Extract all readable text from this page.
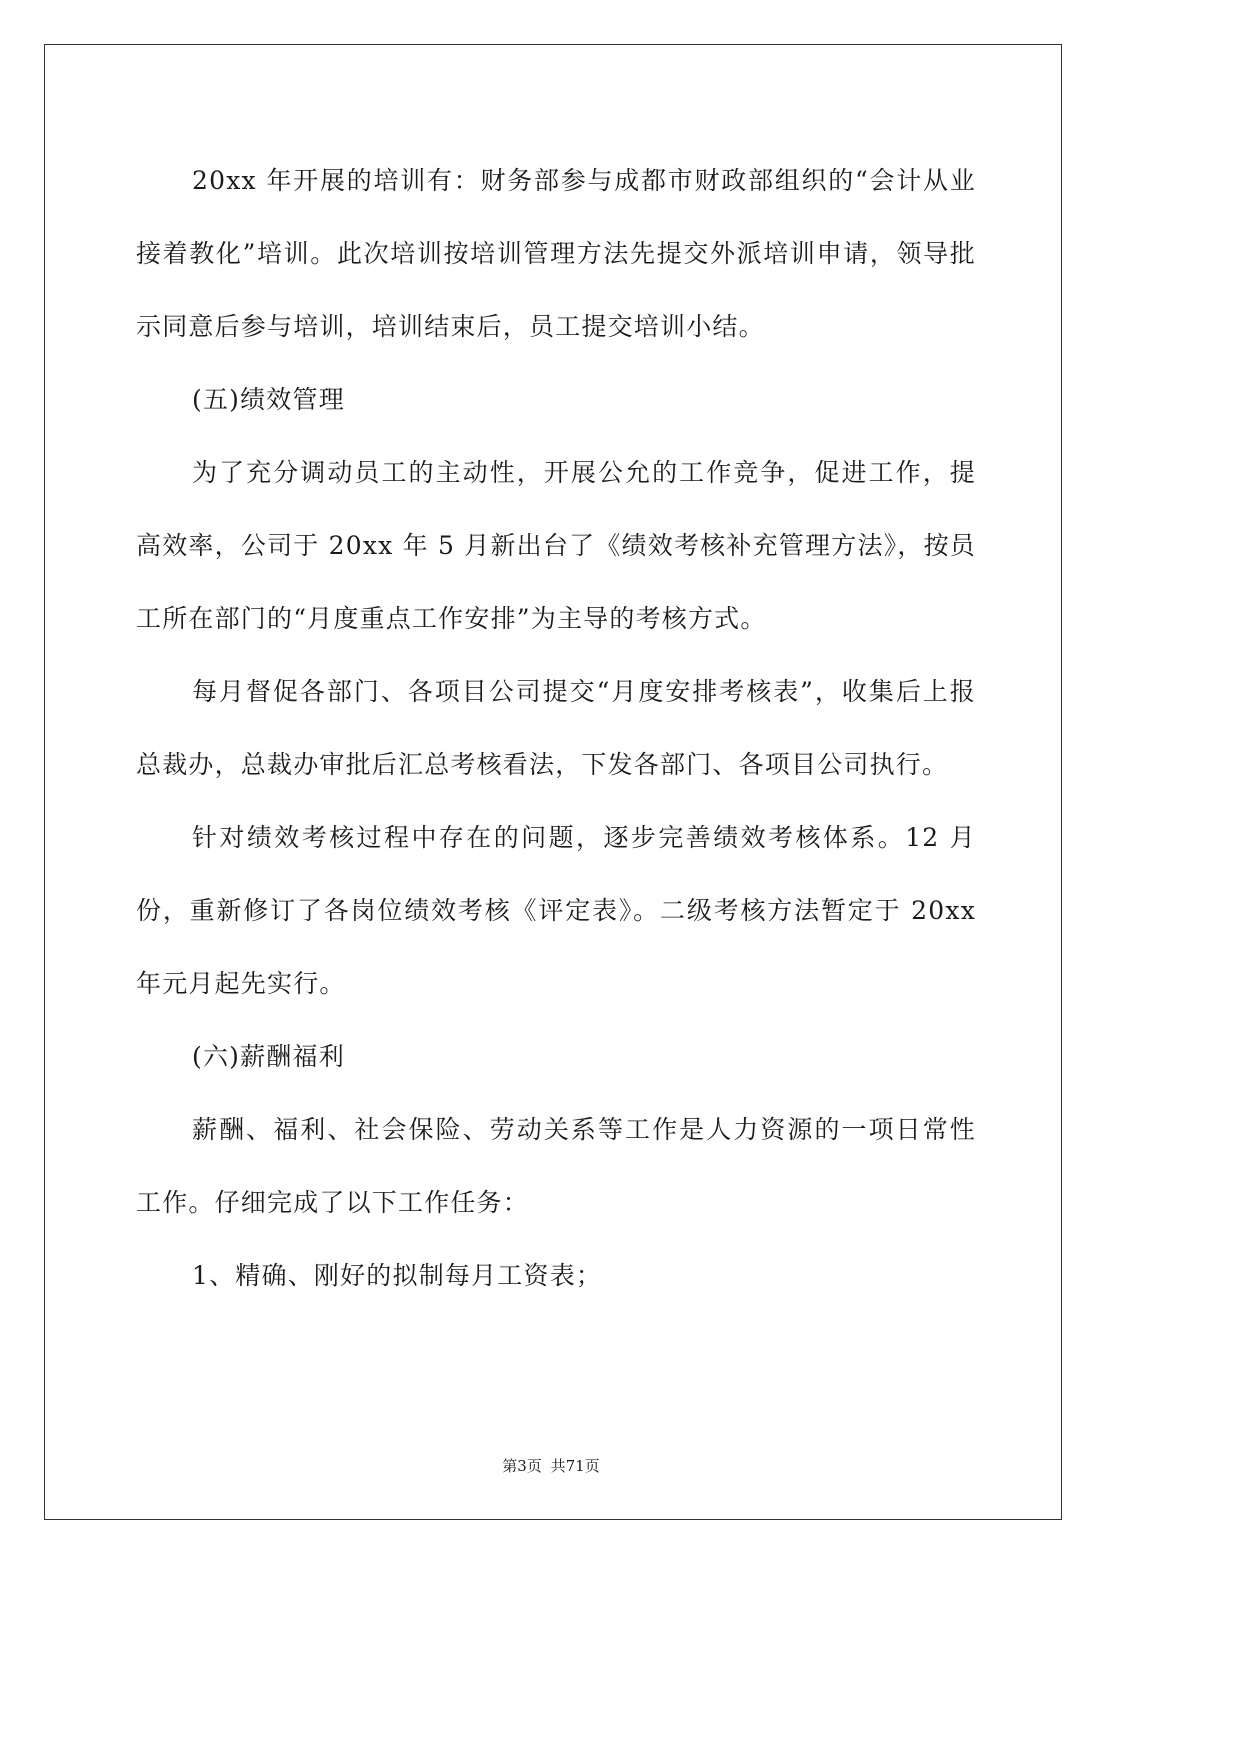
20xx 年开展的培训有：财务部参与成都市财政部组织的“会计从业接着教化”培训。此次培训按培训管理方法先提交外派培训申请，领导批示同意后参与培训，培训结束后，员工提交培训小结。

(五)绩效管理

为了充分调动员工的主动性，开展公允的工作竞争，促进工作，提高效率，公司于 20xx 年 5 月新出台了《绩效考核补充管理方法》，按员工所在部门的“月度重点工作安排”为主导的考核方式。

每月督促各部门、各项目公司提交“月度安排考核表”，收集后上报总裁办，总裁办审批后汇总考核看法，下发各部门、各项目公司执行。

针对绩效考核过程中存在的问题，逐步完善绩效考核体系。12 月份，重新修订了各岗位绩效考核《评定表》。二级考核方法暂定于 20xx 年元月起先实行。

(六)薪酬福利

薪酬、福利、社会保险、劳动关系等工作是人力资源的一项日常性工作。仔细完成了以下工作任务：

1、精确、刚好的拟制每月工资表；

第3页 共71页
